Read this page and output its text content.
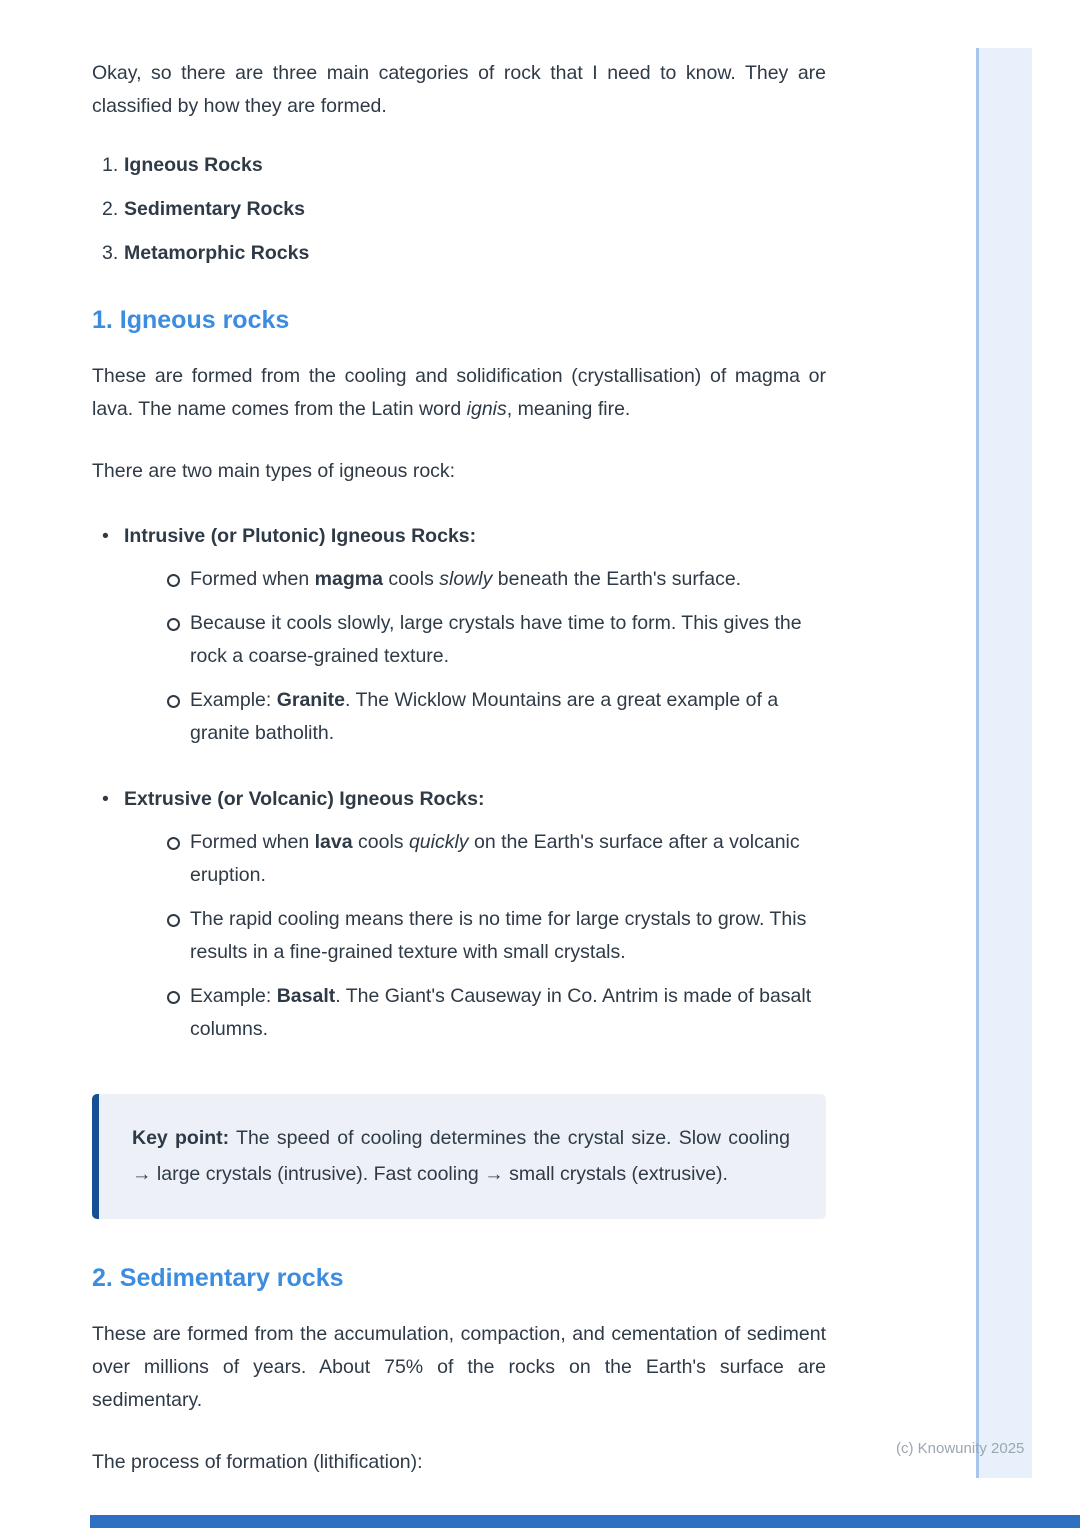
Okay, so there are three main categories of rock that I need to know. They are classified by how they are formed.

1. Igneous Rocks
2. Sedimentary Rocks
3. Metamorphic Rocks
1. Igneous rocks

These are formed from the cooling and solidification (crystallisation) of magma or lava. The name comes from the Latin word ignis, meaning fire.

There are two main types of igneous rock:

• Intrusive (or Plutonic) Igneous Rocks:
Formed when magma cools slowly beneath the Earth's surface.
Because it cools slowly, large crystals have time to form. This gives the rock a coarse-grained texture.
Example: Granite. The Wicklow Mountains are a great example of a granite batholith.
• Extrusive (or Volcanic) Igneous Rocks:
Formed when lava cools quickly on the Earth's surface after a volcanic eruption.
The rapid cooling means there is no time for large crystals to grow. This results in a fine-grained texture with small crystals.
Example: Basalt. The Giant's Causeway in Co. Antrim is made of basalt columns.
Key point: The speed of cooling determines the crystal size. Slow cooling → large crystals (intrusive). Fast cooling → small crystals (extrusive).
2. Sedimentary rocks

These are formed from the accumulation, compaction, and cementation of sediment over millions of years. About 75% of the rocks on the Earth's surface are sedimentary.

The process of formation (lithification):

(c) Knowunity 2025
